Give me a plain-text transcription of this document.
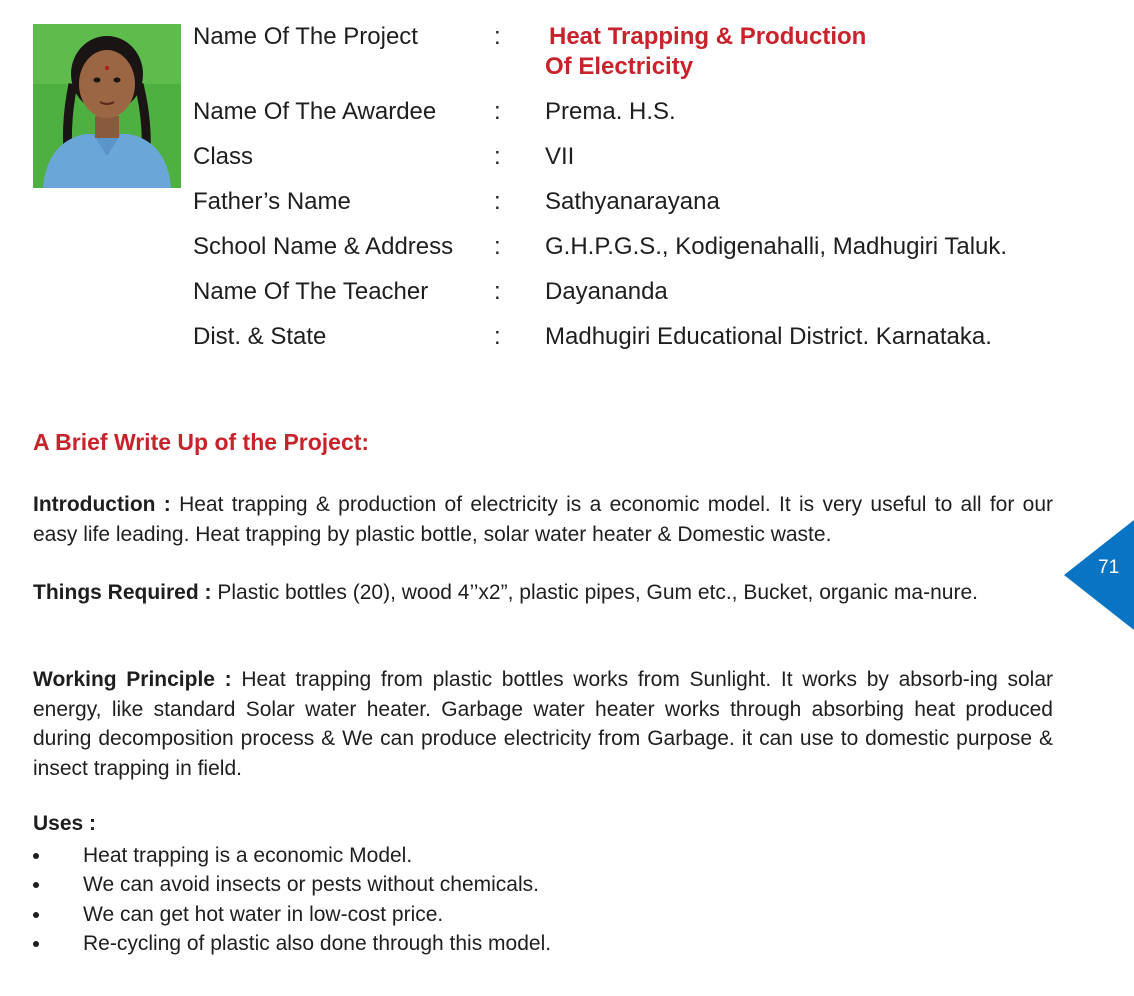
Name Of The Project	: Heat Trapping & Production
Of Electricity
Name Of The Awardee : Prema. H.S.
Class	: VII
Father’s Name	: Sathyanarayana
School Name & Address : G.H.P.G.S., Kodigenahalli, Madhugiri Taluk.
Name Of The Teacher	: Dayananda
Dist. & State	: Madhugiri Educational District. Karnataka.
A Brief Write Up of the Project:
Introduction : Heat trapping & production of electricity is a economic model. It is very useful to all for our easy life leading. Heat trapping by plastic bottle, solar water heater & Domestic waste.
Things Required : Plastic bottles (20), wood 4’’x2”, plastic pipes, Gum etc., Bucket, organic ma-nure.
Working Principle : Heat trapping from plastic bottles works from Sunlight. It works by absorb-ing solar energy, like standard Solar water heater. Garbage water heater works through absorbing heat produced during decomposition process & We can produce electricity from Garbage. it can use to domestic purpose & insect trapping in field.
Uses :
Heat trapping is a economic Model.
We can avoid insects or pests without chemicals.
We can get hot water in low-cost price.
Re-cycling of plastic also done through this model.
71
